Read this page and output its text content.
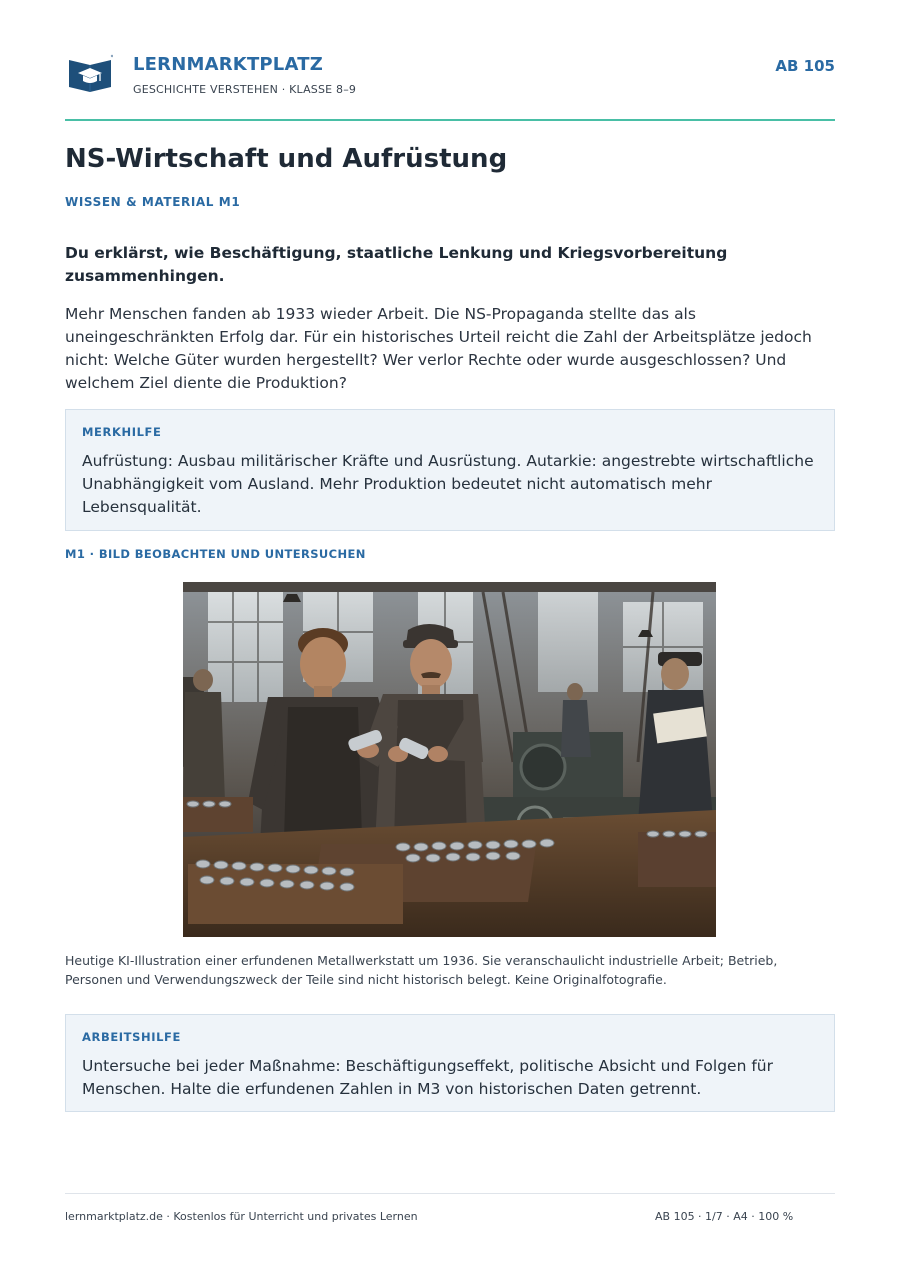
LERNMARKTPLATZ
GESCHICHTE VERSTEHEN · KLASSE 8–9
AB 105
NS-Wirtschaft und Aufrüstung
WISSEN & MATERIAL M1

Du erklärst, wie Beschäftigung, staatliche Lenkung und Kriegsvorbereitung zusammenhingen.

Mehr Menschen fanden ab 1933 wieder Arbeit. Die NS-Propaganda stellte das als uneingeschränkten Erfolg dar. Für ein historisches Urteil reicht die Zahl der Arbeitsplätze jedoch nicht: Welche Güter wurden hergestellt? Wer verlor Rechte oder wurde ausgeschlossen? Und welchem Ziel diente die Produktion?

MERKHILFE

Aufrüstung: Ausbau militärischer Kräfte und Ausrüstung. Autarkie: angestrebte wirtschaftliche Unabhängigkeit vom Ausland. Mehr Produktion bedeutet nicht automatisch mehr Lebensqualität.

M1 · BILD BEOBACHTEN UND UNTERSUCHEN

Heutige KI-Illustration einer erfundenen Metallwerkstatt um 1936. Sie veranschaulicht industrielle Arbeit; Betrieb, Personen und Verwendungszweck der Teile sind nicht historisch belegt. Keine Originalfotografie.

ARBEITSHILFE

Untersuche bei jeder Maßnahme: Beschäftigungseffekt, politische Absicht und Folgen für Menschen. Halte die erfundenen Zahlen in M3 von historischen Daten getrennt.

lernmarktplatz.de · Kostenlos für Unterricht und privates Lernen	AB 105 · 1/7 · A4 · 100 %
